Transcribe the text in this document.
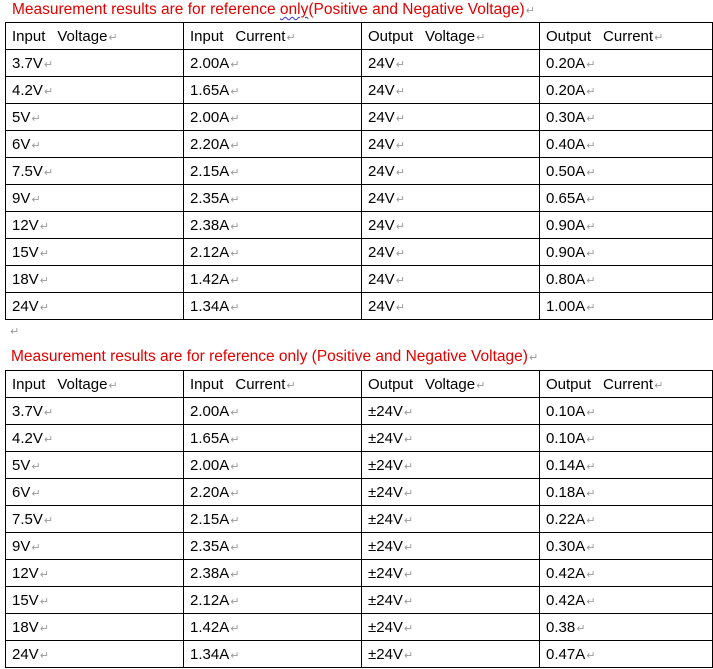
Measurement results are for reference only(Positive and Negative Voltage)↵
Input Voltage↵	Input Current↵	Output Voltage↵	Output Current↵
3.7V↵	2.00A↵	24V↵	0.20A↵
4.2V↵	1.65A↵	24V↵	0.20A↵
5V↵	2.00A↵	24V↵	0.30A↵
6V↵	2.20A↵	24V↵	0.40A↵
7.5V↵	2.15A↵	24V↵	0.50A↵
9V↵	2.35A↵	24V↵	0.65A↵
12V↵	2.38A↵	24V↵	0.90A↵
15V↵	2.12A↵	24V↵	0.90A↵
18V↵	1.42A↵	24V↵	0.80A↵
24V↵	1.34A↵	24V↵	1.00A↵
↵
Measurement results are for reference only (Positive and Negative Voltage)↵
Input Voltage↵	Input Current↵	Output Voltage↵	Output Current↵
3.7V↵	2.00A↵	±24V↵	0.10A↵
4.2V↵	1.65A↵	±24V↵	0.10A↵
5V↵	2.00A↵	±24V↵	0.14A↵
6V↵	2.20A↵	±24V↵	0.18A↵
7.5V↵	2.15A↵	±24V↵	0.22A↵
9V↵	2.35A↵	±24V↵	0.30A↵
12V↵	2.38A↵	±24V↵	0.42A↵
15V↵	2.12A↵	±24V↵	0.42A↵
18V↵	1.42A↵	±24V↵	0.38↵
24V↵	1.34A↵	±24V↵	0.47A↵
